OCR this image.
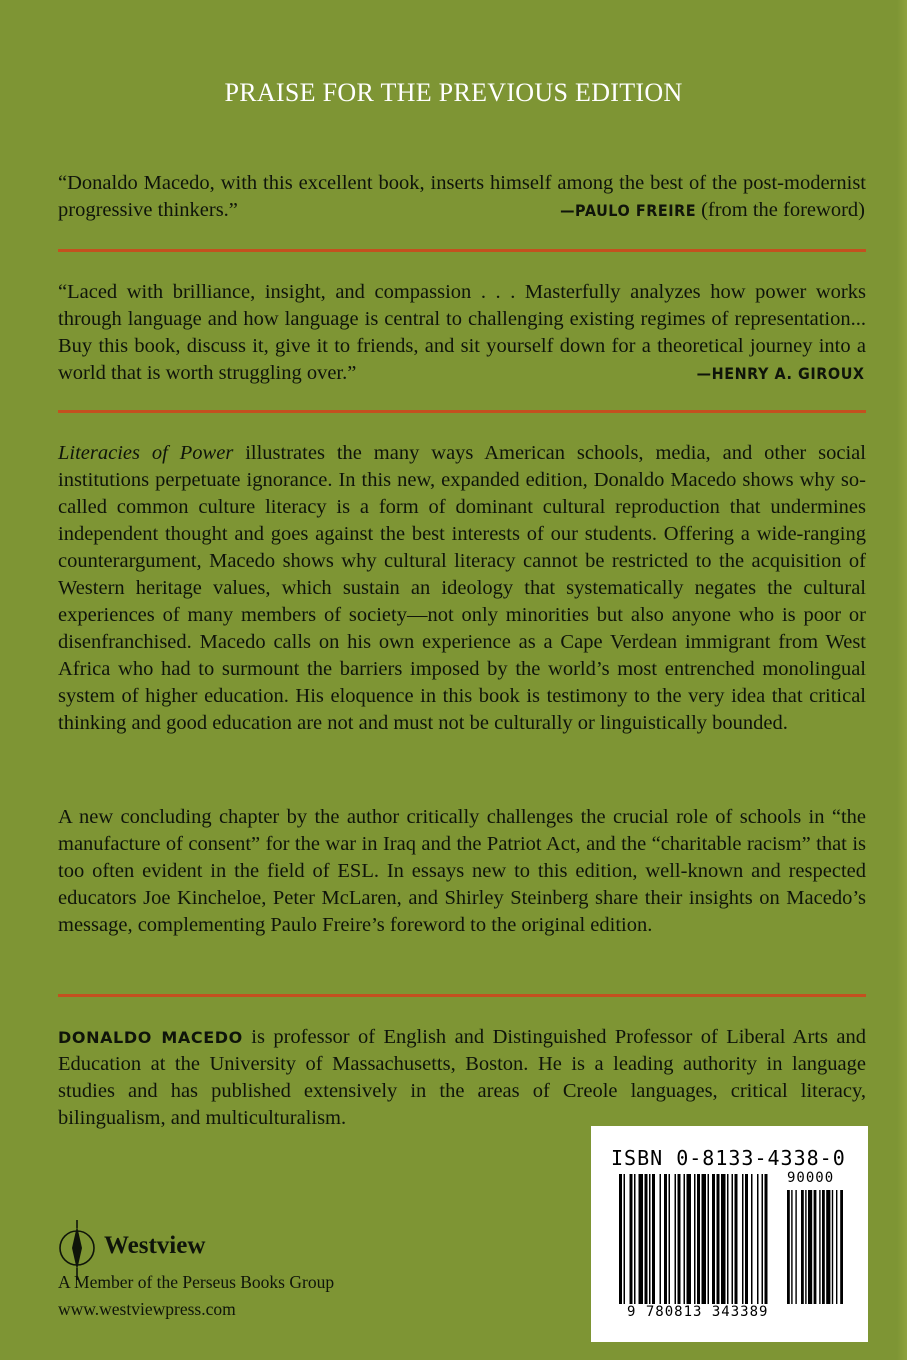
PRAISE FOR THE PREVIOUS EDITION

“Donaldo Macedo, with this excellent book, inserts himself among the best of the post-modernist progressive thinkers.”	—PAULO FREIRE (from the foreword)

“Laced with brilliance, insight, and compassion . . . Masterfully analyzes how power works through language and how language is central to challenging existing regimes of representation... Buy this book, discuss it, give it to friends, and sit yourself down for a theoretical journey into a world that is worth struggling over.”	—HENRY A. GIROUX

Literacies of Power illustrates the many ways American schools, media, and other social institutions perpetuate ignorance. In this new, expanded edition, Donaldo Macedo shows why so-called common culture literacy is a form of dominant cultural reproduction that undermines independent thought and goes against the best interests of our students. Offering a wide-ranging counterargument, Macedo shows why cultural literacy cannot be restricted to the acquisition of Western heritage values, which sustain an ideology that systematically negates the cultural experiences of many members of society—not only minorities but also anyone who is poor or disenfranchised. Macedo calls on his own experience as a Cape Verdean immigrant from West Africa who had to surmount the barriers imposed by the world’s most entrenched monolingual system of higher education. His eloquence in this book is testimony to the very idea that critical thinking and good education are not and must not be culturally or linguistically bounded.

A new concluding chapter by the author critically challenges the crucial role of schools in “the manufacture of consent” for the war in Iraq and the Patriot Act, and the “charitable racism” that is too often evident in the field of ESL. In essays new to this edition, well-known and respected educators Joe Kincheloe, Peter McLaren, and Shirley Steinberg share their insights on Macedo’s message, complementing Paulo Freire’s foreword to the original edition.

DONALDO MACEDO is professor of English and Distinguished Professor of Liberal Arts and Education at the University of Massachusetts, Boston. He is a leading authority in language studies and has published extensively in the areas of Creole languages, critical literacy, bilingualism, and multiculturalism.

Westview
A Member of the Perseus Books Group
www.westviewpress.com
ISBN 0-8133-4338-0
90000
9 780813 343389
